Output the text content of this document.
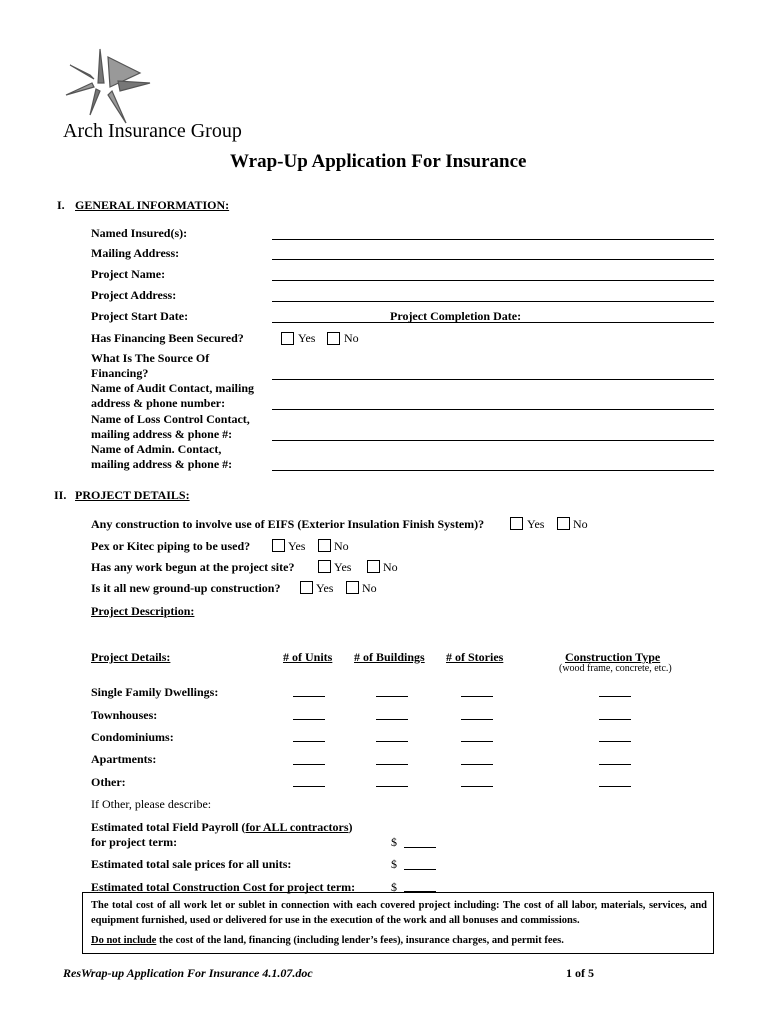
Arch Insurance Group
Wrap-Up Application For Insurance
I. GENERAL INFORMATION:
Named Insured(s):
Mailing Address:
Project Name:
Project Address:
Project Start Date:	Project Completion Date:
Has Financing Been Secured?	Yes No
What Is The Source Of
Financing?
Name of Audit Contact, mailing
address & phone number:
Name of Loss Control Contact,
mailing address & phone #:
Name of Admin. Contact,
mailing address & phone #:
II. PROJECT DETAILS:
Any construction to involve use of EIFS (Exterior Insulation Finish System)?	Yes No
Pex or Kitec piping to be used?	Yes No
Has any work begun at the project site?	Yes	No
Is it all new ground-up construction?	Yes No
Project Description:
Project Details:	# of Units # of Buildings # of Stories	Construction Type
(wood frame, concrete, etc.)
Single Family Dwellings:
Townhouses:
Condominiums:
Apartments:
Other:
If Other, please describe:
Estimated total Field Payroll (for ALL contractors)
for project term:	$
Estimated total sale prices for all units:	$
Estimated total Construction Cost for project term:	$
The total cost of all work let or sublet in connection with each covered project including: The cost of all labor, materials, services, and equipment furnished, used or delivered for use in the execution of the work and all bonuses and commissions.
Do not include the cost of the land, financing (including lender’s fees), insurance charges, and permit fees.
ResWrap-up Application For Insurance 4.1.07.doc	1 of 5
